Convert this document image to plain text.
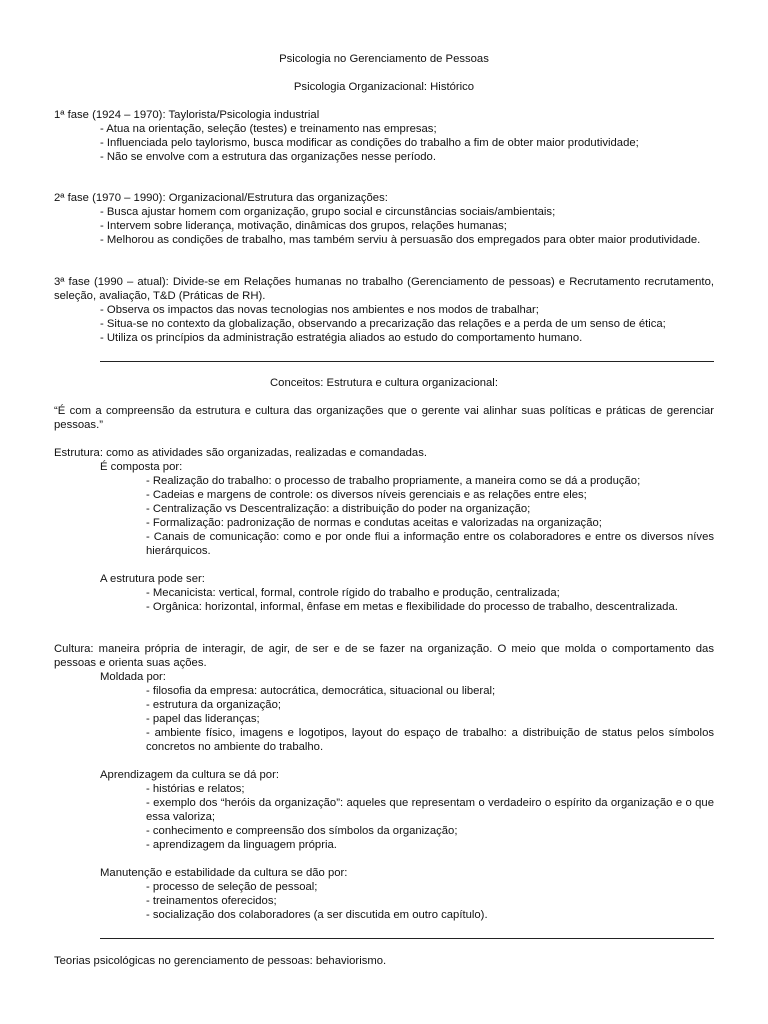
Psicologia no Gerenciamento de Pessoas
Psicologia Organizacional: Histórico

1ª fase (1924 – 1970): Taylorista/Psicologia industrial

- Atua na orientação, seleção (testes) e treinamento nas empresas;

- Influenciada pelo taylorismo, busca modificar as condições do trabalho a fim de obter maior produtividade;

- Não se envolve com a estrutura das organizações nesse período.

2ª fase (1970 – 1990): Organizacional/Estrutura das organizações:

- Busca ajustar homem com organização, grupo social e circunstâncias sociais/ambientais;

- Intervem sobre liderança, motivação, dinâmicas dos grupos, relações humanas;

- Melhorou as condições de trabalho, mas também serviu à persuasão dos empregados para obter maior produtividade.

3ª fase (1990 – atual): Divide-se em Relações humanas no trabalho (Gerenciamento de pessoas) e Recrutamento recrutamento, seleção, avaliação, T&D (Práticas de RH).

- Observa os impactos das novas tecnologias nos ambientes e nos modos de trabalhar;

- Situa-se no contexto da globalização, observando a precarização das relações e a perda de um senso de ética;

- Utiliza os princípios da administração estratégia aliados ao estudo do comportamento humano.

Conceitos: Estrutura e cultura organizacional:

“É com a compreensão da estrutura e cultura das organizações que o gerente vai alinhar suas políticas e práticas de gerenciar pessoas.”

Estrutura: como as atividades são organizadas, realizadas e comandadas.

É composta por:

- Realização do trabalho: o processo de trabalho propriamente, a maneira como se dá a produção;

- Cadeias e margens de controle: os diversos níveis gerenciais e as relações entre eles;

- Centralização vs Descentralização: a distribuição do poder na organização;

- Formalização: padronização de normas e condutas aceitas e valorizadas na organização;

- Canais de comunicação: como e por onde flui a informação entre os colaboradores e entre os diversos níves hierárquicos.

A estrutura pode ser:

- Mecanicista: vertical, formal, controle rígido do trabalho e produção, centralizada;

- Orgânica: horizontal, informal, ênfase em metas e flexibilidade do processo de trabalho, descentralizada.

Cultura: maneira própria de interagir, de agir, de ser e de se fazer na organização. O meio que molda o comportamento das pessoas e orienta suas ações.

Moldada por:

- filosofia da empresa: autocrática, democrática, situacional ou liberal;

- estrutura da organização;

- papel das lideranças;

- ambiente físico, imagens e logotipos, layout do espaço de trabalho: a distribuição de status pelos símbolos concretos no ambiente do trabalho.

Aprendizagem da cultura se dá por:

- histórias e relatos;

- exemplo dos “heróis da organização”: aqueles que representam o verdadeiro o espírito da organização e o que essa valoriza;

- conhecimento e compreensão dos símbolos da organização;

- aprendizagem da linguagem própria.

Manutenção e estabilidade da cultura se dão por:

- processo de seleção de pessoal;

- treinamentos oferecidos;

- socialização dos colaboradores (a ser discutida em outro capítulo).

Teorias psicológicas no gerenciamento de pessoas: behaviorismo.
